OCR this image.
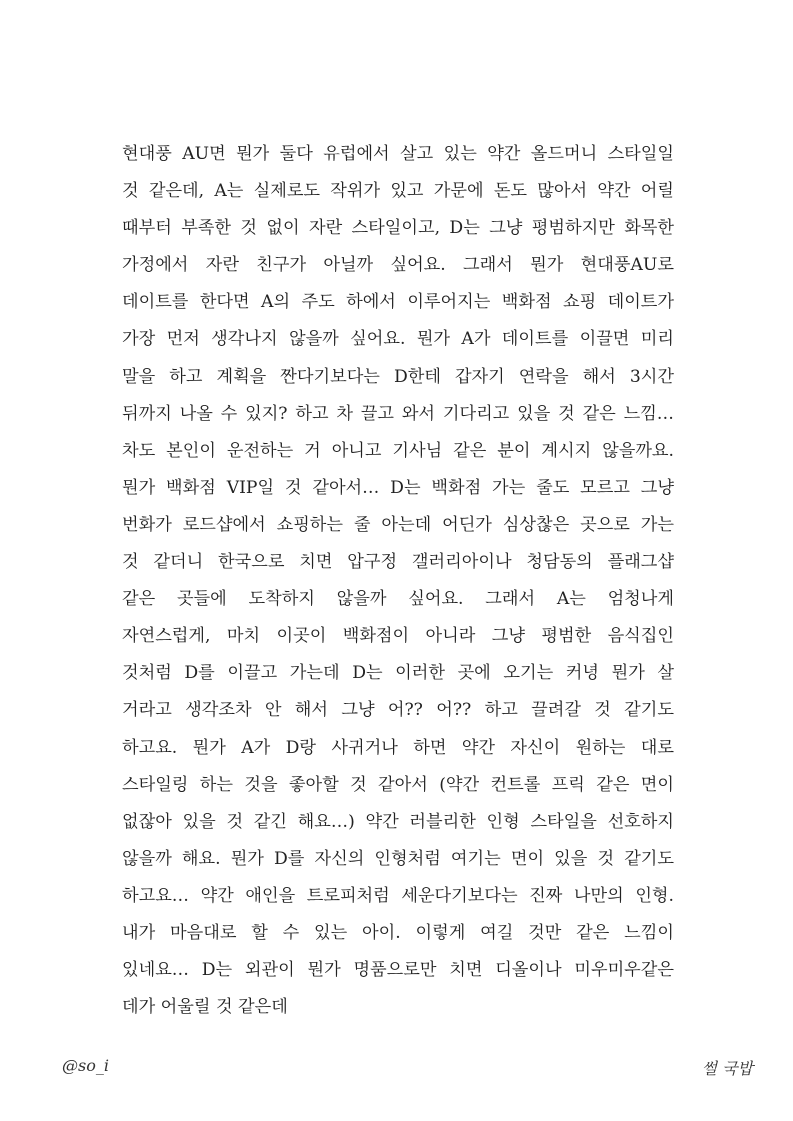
현대풍 AU면 뭔가 둘다 유럽에서 살고 있는 약간 올드머니 스타일일
것 같은데, A는 실제로도 작위가 있고 가문에 돈도 많아서 약간 어릴
때부터 부족한 것 없이 자란 스타일이고, D는 그냥 평범하지만 화목한
가정에서 자란 친구가 아닐까 싶어요. 그래서 뭔가 현대풍AU로
데이트를 한다면 A의 주도 하에서 이루어지는 백화점 쇼핑 데이트가
가장 먼저 생각나지 않을까 싶어요. 뭔가 A가 데이트를 이끌면 미리
말을 하고 계획을 짠다기보다는 D한테 갑자기 연락을 해서 3시간
뒤까지 나올 수 있지? 하고 차 끌고 와서 기다리고 있을 것 같은 느낌…
차도 본인이 운전하는 거 아니고 기사님 같은 분이 계시지 않을까요.
뭔가 백화점 VIP일 것 같아서… D는 백화점 가는 줄도 모르고 그냥
번화가 로드샵에서 쇼핑하는 줄 아는데 어딘가 심상찮은 곳으로 가는
것 같더니 한국으로 치면 압구정 갤러리아이나 청담동의 플래그샵
같은 곳들에 도착하지 않을까 싶어요. 그래서 A는 엄청나게
자연스럽게, 마치 이곳이 백화점이 아니라 그냥 평범한 음식집인
것처럼 D를 이끌고 가는데 D는 이러한 곳에 오기는 커녕 뭔가 살
거라고 생각조차 안 해서 그냥 어?? 어?? 하고 끌려갈 것 같기도
하고요. 뭔가 A가 D랑 사귀거나 하면 약간 자신이 원하는 대로
스타일링 하는 것을 좋아할 것 같아서 (약간 컨트롤 프릭 같은 면이
없잖아 있을 것 같긴 해요…) 약간 러블리한 인형 스타일을 선호하지
않을까 해요. 뭔가 D를 자신의 인형처럼 여기는 면이 있을 것 같기도
하고요… 약간 애인을 트로피처럼 세운다기보다는 진짜 나만의 인형.
내가 마음대로 할 수 있는 아이. 이렇게 여길 것만 같은 느낌이
있네요… D는 외관이 뭔가 명품으로만 치면 디올이나 미우미우같은
데가 어울릴 것 같은데
@so_i	썰 국밥
